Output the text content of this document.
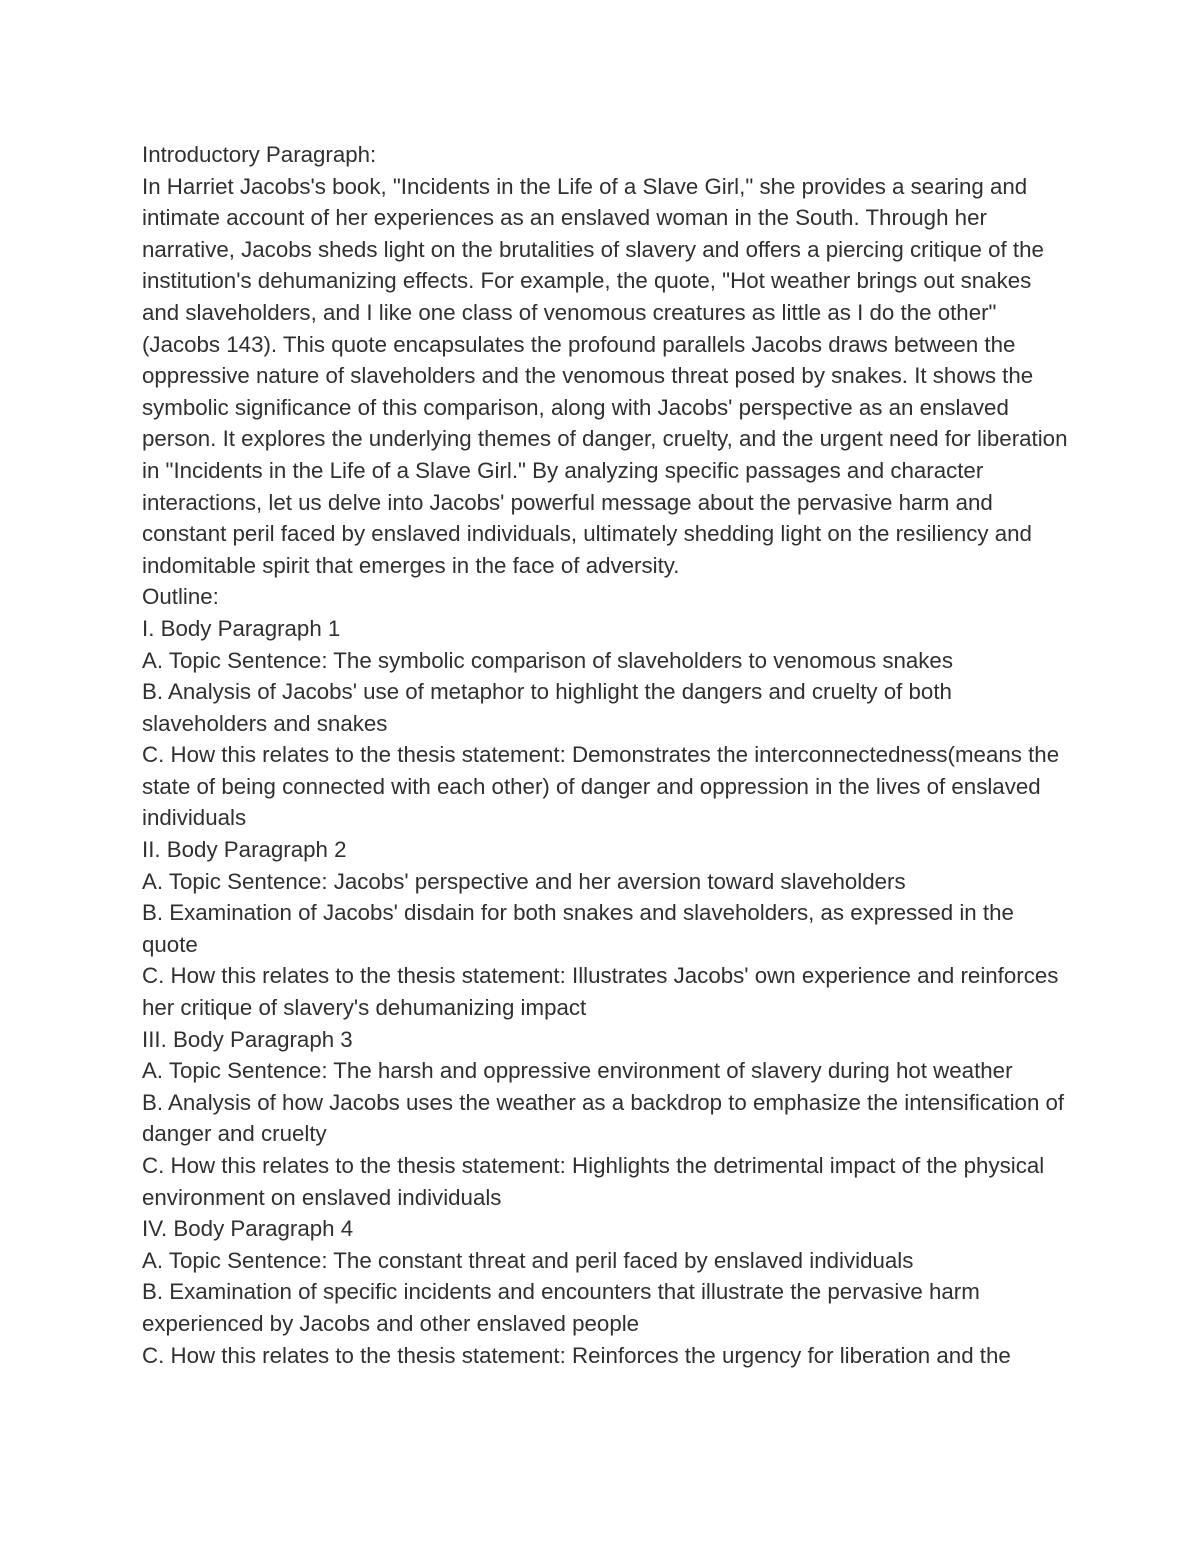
Introductory Paragraph:

In Harriet Jacobs's book, "Incidents in the Life of a Slave Girl," she provides a searing and intimate account of her experiences as an enslaved woman in the South. Through her narrative, Jacobs sheds light on the brutalities of slavery and offers a piercing critique of the institution's dehumanizing effects. For example, the quote, "Hot weather brings out snakes and slaveholders, and I like one class of venomous creatures as little as I do the other" (Jacobs 143). This quote encapsulates the profound parallels Jacobs draws between the oppressive nature of slaveholders and the venomous threat posed by snakes. It shows the symbolic significance of this comparison, along with Jacobs' perspective as an enslaved person. It explores the underlying themes of danger, cruelty, and the urgent need for liberation in "Incidents in the Life of a Slave Girl." By analyzing specific passages and character interactions, let us delve into Jacobs' powerful message about the pervasive harm and constant peril faced by enslaved individuals, ultimately shedding light on the resiliency and indomitable spirit that emerges in the face of adversity.

Outline:

I. Body Paragraph 1

A. Topic Sentence: The symbolic comparison of slaveholders to venomous snakes

B. Analysis of Jacobs' use of metaphor to highlight the dangers and cruelty of both slaveholders and snakes

C. How this relates to the thesis statement: Demonstrates the interconnectedness(means the state of being connected with each other) of danger and oppression in the lives of enslaved individuals

II. Body Paragraph 2

A. Topic Sentence: Jacobs' perspective and her aversion toward slaveholders

B. Examination of Jacobs' disdain for both snakes and slaveholders, as expressed in the quote

C. How this relates to the thesis statement: Illustrates Jacobs' own experience and reinforces her critique of slavery's dehumanizing impact

III. Body Paragraph 3

A. Topic Sentence: The harsh and oppressive environment of slavery during hot weather

B. Analysis of how Jacobs uses the weather as a backdrop to emphasize the intensification of danger and cruelty

C. How this relates to the thesis statement: Highlights the detrimental impact of the physical environment on enslaved individuals

IV. Body Paragraph 4

A. Topic Sentence: The constant threat and peril faced by enslaved individuals

B. Examination of specific incidents and encounters that illustrate the pervasive harm experienced by Jacobs and other enslaved people

C. How this relates to the thesis statement: Reinforces the urgency for liberation and the
